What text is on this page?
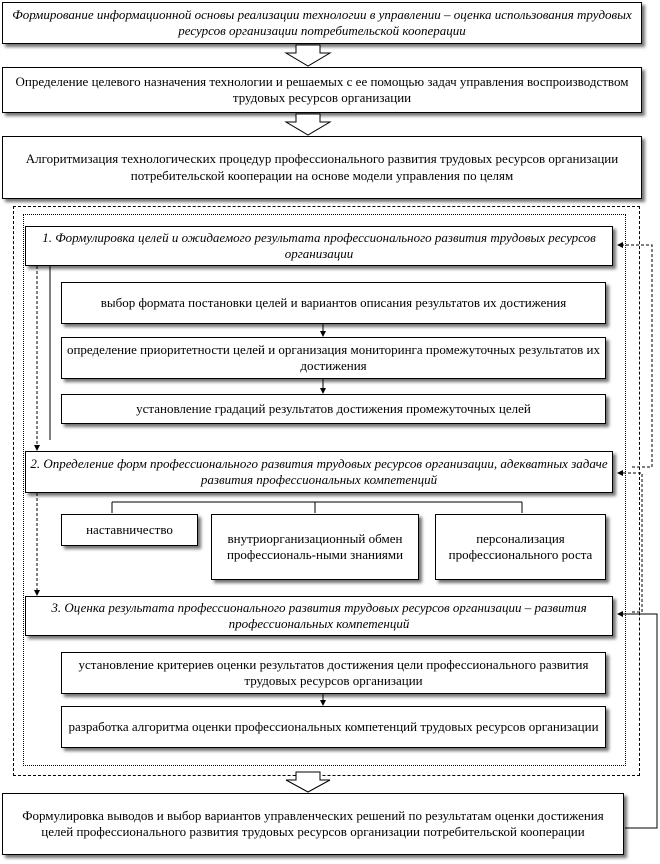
Формирование информационной основы реализации технологии в управлении – оценка использования трудовых ресурсов организации потребительской кооперации
Определение целевого назначения технологии и решаемых с ее помощью задач управления воспроизводством трудовых ресурсов организации
Алгоритмизация технологических процедур профессионального развития трудовых ресурсов организации потребительской кооперации на основе модели управления по целям
1. Формулировка целей и ожидаемого результата профессионального развития трудовых ресурсов организации
выбор формата постановки целей и вариантов описания результатов их достижения
определение приоритетности целей и организация мониторинга промежуточных результатов их достижения
установление градаций результатов достижения промежуточных целей
2. Определение форм профессионального развития трудовых ресурсов организации, адекватных задаче развития профессиональных компетенций
наставничество
внутриорганизационный обмен профессиональ-ными знаниями
персонализация профессионального роста
3. Оценка результата профессионального развития трудовых ресурсов организации – развития профессиональных компетенций
установление критериев оценки результатов достижения цели профессионального развития трудовых ресурсов организации
разработка алгоритма оценки профессиональных компетенций трудовых ресурсов организации
Формулировка выводов и выбор вариантов управленческих решений по результатам оценки достижения целей профессионального развития трудовых ресурсов организации потребительской кооперации
